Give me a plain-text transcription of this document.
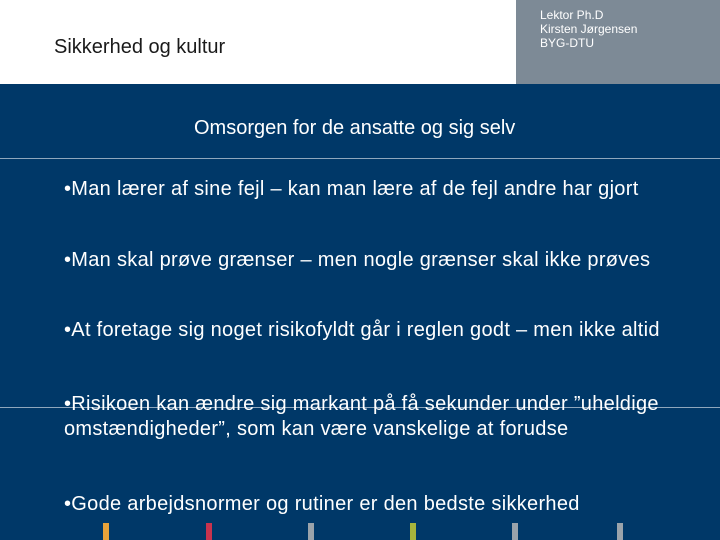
Sikkerhed og kultur
Lektor Ph.D
Kirsten Jørgensen
BYG-DTU
Omsorgen for de ansatte og sig selv
•Man lærer af sine fejl – kan man lære af de fejl andre har gjort
•Man skal prøve grænser – men nogle grænser skal ikke prøves
•At foretage sig noget risikofyldt går i reglen godt – men ikke altid
•Risikoen kan ændre sig markant på få sekunder under ”uheldige omstændigheder”, som kan være vanskelige at forudse
•Gode arbejdsnormer og rutiner er den bedste sikkerhed
